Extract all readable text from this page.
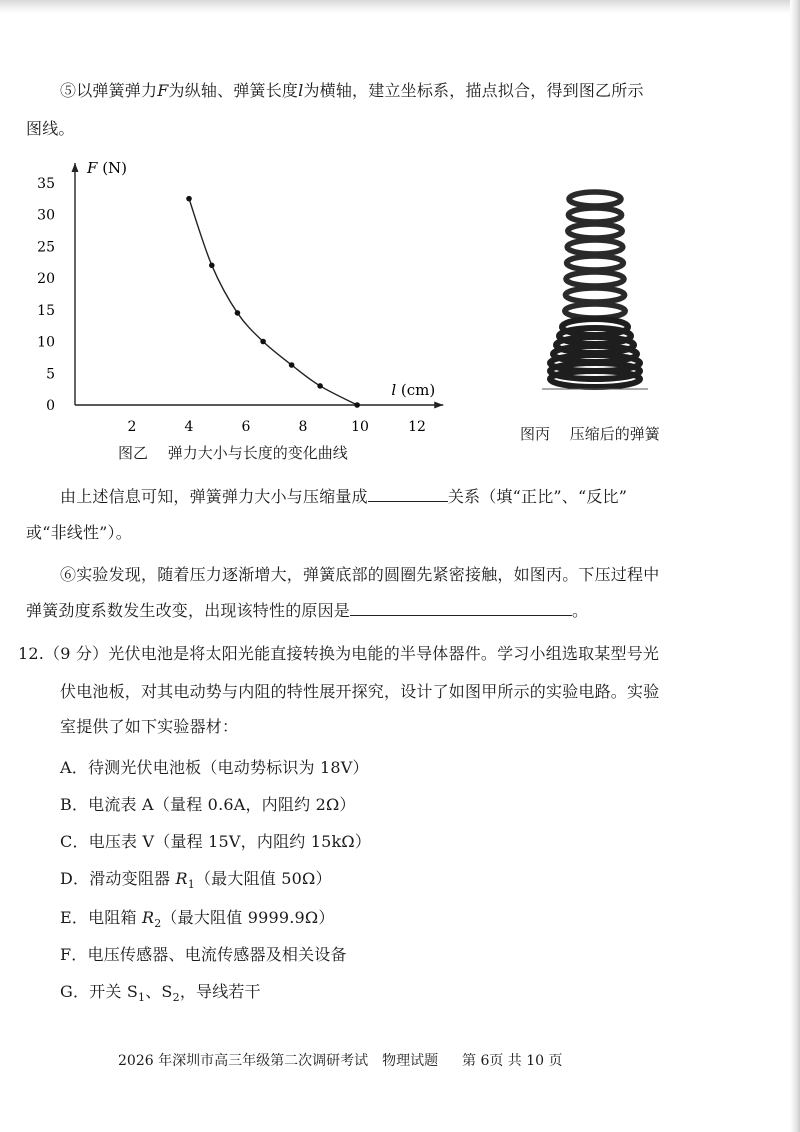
⑤以弹簧弹力F为纵轴、弹簧长度l为横轴，建立坐标系，描点拟合，得到图乙所示
图线。
F (N)
l (cm)
0
5
10
15
20
25
30
35
2	4	6	8	10	12
图乙　 弹力大小与长度的变化曲线
图丙　 压缩后的弹簧
由上述信息可知，弹簧弹力大小与压缩量成	关系（填“正比”、“反比”
或“非线性”）。
⑥实验发现，随着压力逐渐增大，弹簧底部的圆圈先紧密接触，如图丙。下压过程中
弹簧劲度系数发生改变，出现该特性的原因是	。
12.（9 分）光伏电池是将太阳光能直接转换为电能的半导体器件。学习小组选取某型号光
伏电池板，对其电动势与内阻的特性展开探究，设计了如图甲所示的实验电路。实验
室提供了如下实验器材：
A．待测光伏电池板（电动势标识为 18V）
B．电流表 A（量程 0.6A，内阻约 2Ω）
C．电压表 V（量程 15V，内阻约 15kΩ）
D．滑动变阻器 $R_1$（最大阻值 50Ω）
E．电阻箱 $R_2$（最大阻值 9999.9Ω）
F．电压传感器、电流传感器及相关设备
G．开关 $S_1$、$S_2$，导线若干
2026 年深圳市高三年级第二次调研考试　物理试题 第 6页 共 10 页
